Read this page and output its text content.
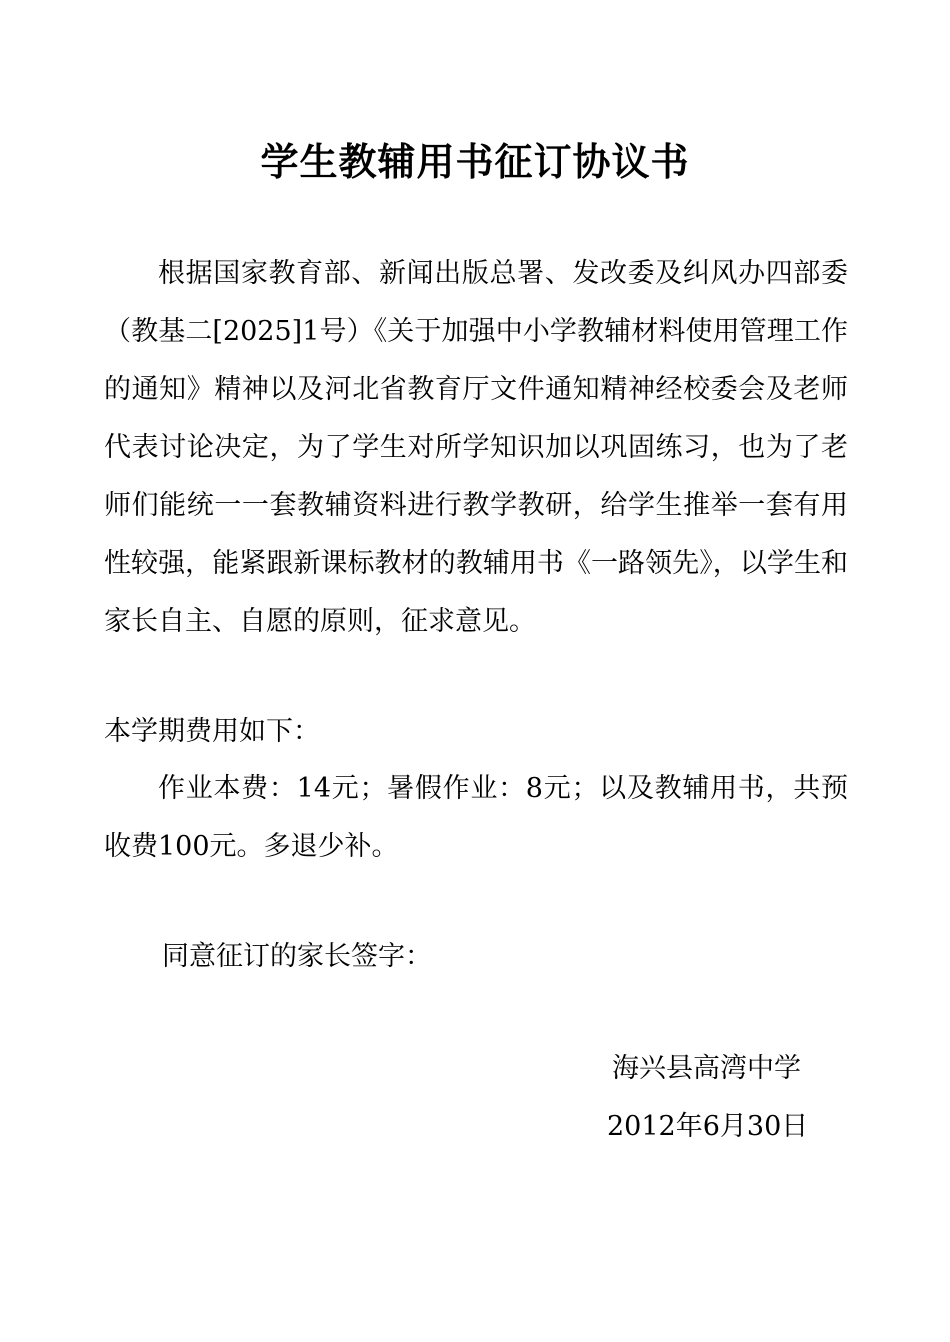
学生教辅用书征订协议书

根据国家教育部、新闻出版总署、发改委及纠风办四部委（教基二[2025]1号）《关于加强中小学教辅材料使用管理工作的通知》精神以及河北省教育厅文件通知精神经校委会及老师代表讨论决定，为了学生对所学知识加以巩固练习，也为了老师们能统一一套教辅资料进行教学教研，给学生推举一套有用性较强，能紧跟新课标教材的教辅用书《一路领先》，以学生和家长自主、自愿的原则，征求意见。

本学期费用如下：

作业本费：14元；暑假作业：8元；以及教辅用书，共预收费100元。多退少补。

同意征订的家长签字：
海兴县高湾中学
2012年6月30日
